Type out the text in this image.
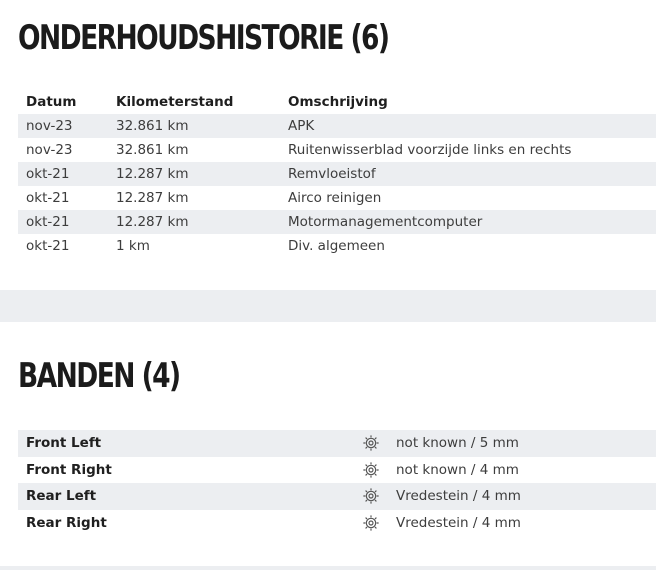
ONDERHOUDSHISTORIE (6)
Datum	Kilometerstand	Omschrijving
nov-23	32.861 km	APK
nov-23	32.861 km	Ruitenwisserblad voorzijde links en rechts
okt-21	12.287 km	Remvloeistof
okt-21	12.287 km	Airco reinigen
okt-21	12.287 km	Motormanagementcomputer
okt-21	1 km	Div. algemeen
BANDEN (4)
Front Left	not known / 5 mm
Front Right	not known / 4 mm
Rear Left	Vredestein / 4 mm
Rear Right	Vredestein / 4 mm
